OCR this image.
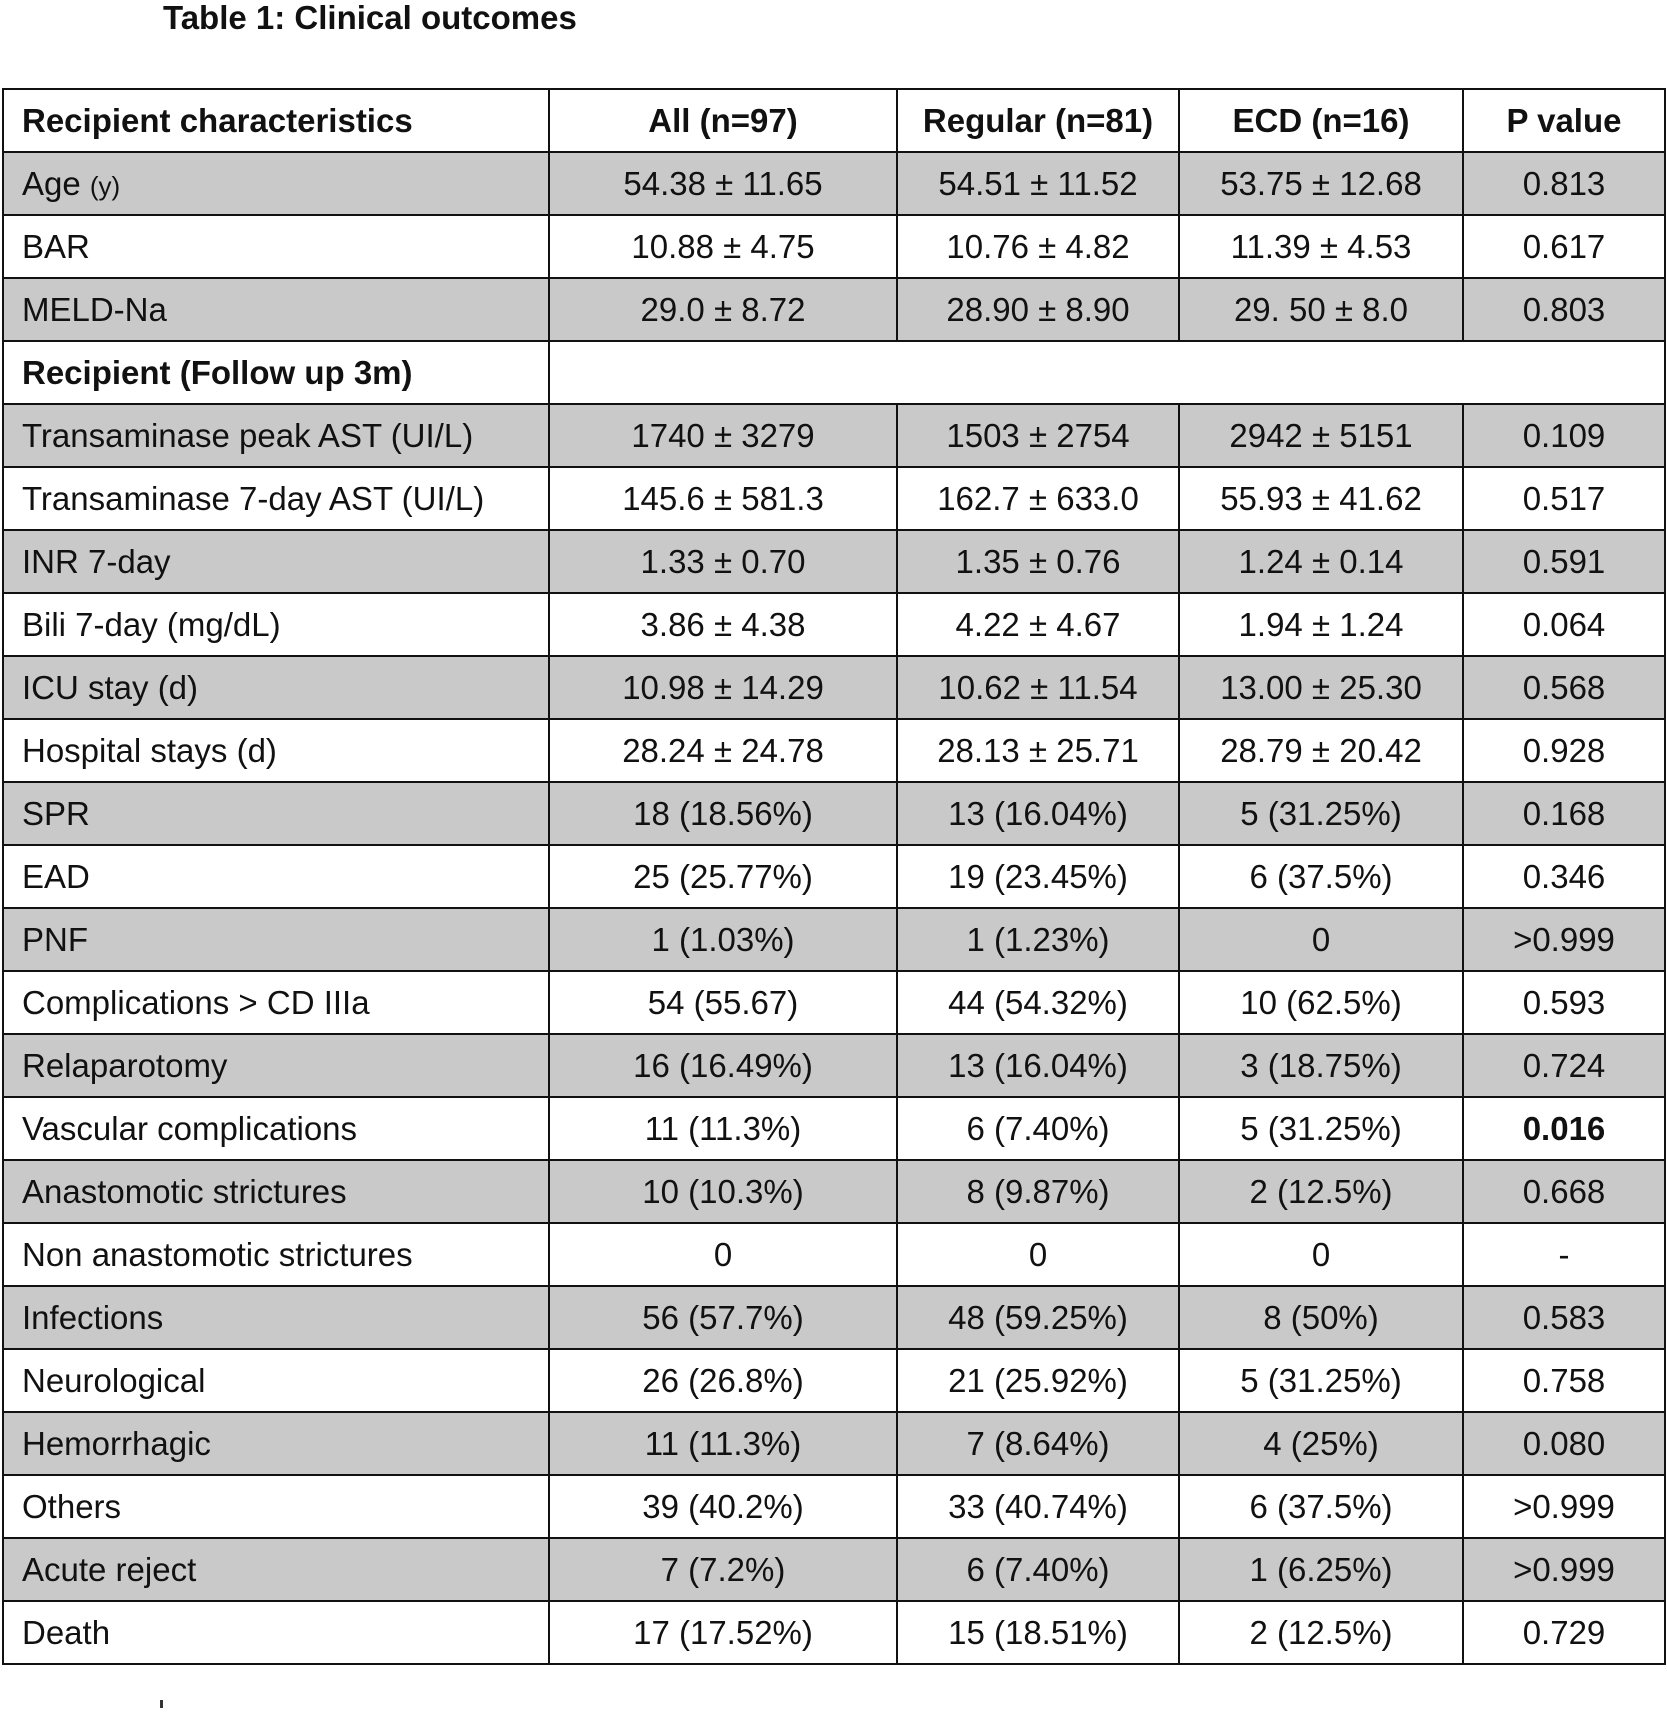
Table 1: Clinical outcomes
Recipient characteristics	All (n=97)	Regular (n=81)	ECD (n=16)	P value
Age (y)	54.38 ± 11.65	54.51 ± 11.52	53.75 ± 12.68	0.813
BAR	10.88 ± 4.75	10.76 ± 4.82	11.39 ± 4.53	0.617
MELD-Na	29.0 ± 8.72	28.90 ± 8.90	29. 50 ± 8.0	0.803
Recipient (Follow up 3m)				
Transaminase peak AST (UI/L)	1740 ± 3279	1503 ± 2754	2942 ± 5151	0.109
Transaminase 7-day AST (UI/L)	145.6 ± 581.3	162.7 ± 633.0	55.93 ± 41.62	0.517
INR 7-day	1.33 ± 0.70	1.35 ± 0.76	1.24 ± 0.14	0.591
Bili 7-day (mg/dL)	3.86 ± 4.38	4.22 ± 4.67	1.94 ± 1.24	0.064
ICU stay (d)	10.98 ± 14.29	10.62 ± 11.54	13.00 ± 25.30	0.568
Hospital stays (d)	28.24 ± 24.78	28.13 ± 25.71	28.79 ± 20.42	0.928
SPR	18 (18.56%)	13 (16.04%)	5 (31.25%)	0.168
EAD	25 (25.77%)	19 (23.45%)	6 (37.5%)	0.346
PNF	1 (1.03%)	1 (1.23%)	0	>0.999
Complications > CD IIIa	54 (55.67)	44 (54.32%)	10 (62.5%)	0.593
Relaparotomy	16 (16.49%)	13 (16.04%)	3 (18.75%)	0.724
Vascular complications	11 (11.3%)	6 (7.40%)	5 (31.25%)	0.016
Anastomotic strictures	10 (10.3%)	8 (9.87%)	2 (12.5%)	0.668
Non anastomotic strictures	0	0	0	-
Infections	56 (57.7%)	48 (59.25%)	8 (50%)	0.583
Neurological	26 (26.8%)	21 (25.92%)	5 (31.25%)	0.758
Hemorrhagic	11 (11.3%)	7 (8.64%)	4 (25%)	0.080
Others	39 (40.2%)	33 (40.74%)	6 (37.5%)	>0.999
Acute reject	7 (7.2%)	6 (7.40%)	1 (6.25%)	>0.999
Death	17 (17.52%)	15 (18.51%)	2 (12.5%)	0.729
